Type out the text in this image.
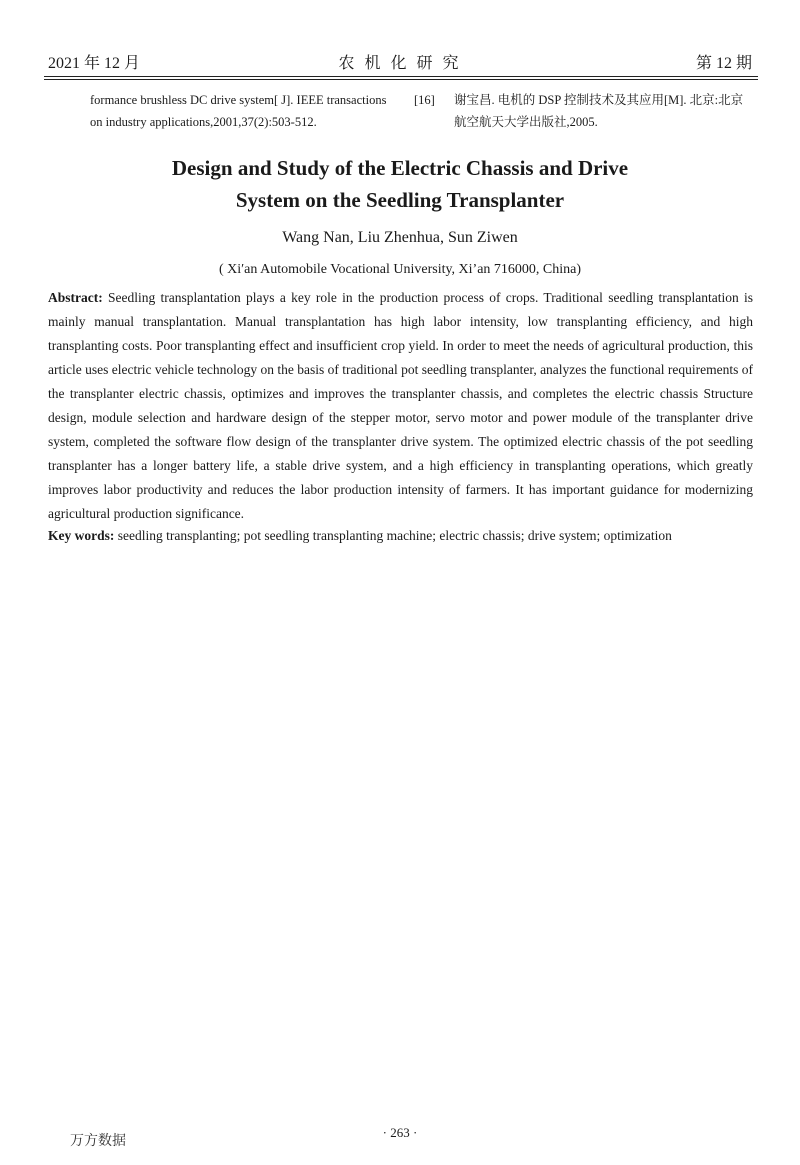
2021 年 12 月	农 机 化 研 究	第 12 期
formance brushless DC drive system[ J]. IEEE transactions
on industry applications,2001,37(2):503-512.
[16]	谢宝昌. 电机的 DSP 控制技术及其应用[M]. 北京:北京
航空航天大学出版社,2005.
Design and Study of the Electric Chassis and Drive
System on the Seedling Transplanter
Wang Nan, Liu Zhenhua, Sun Ziwen
( Xi′an Automobile Vocational University, Xi’an 716000, China)
Abstract: Seedling transplantation plays a key role in the production process of crops. Traditional seedling transplantation is mainly manual transplantation. Manual transplantation has high labor intensity, low transplanting efficiency, and high transplanting costs. Poor transplanting effect and insufficient crop yield. In order to meet the needs of agricultural production, this article uses electric vehicle technology on the basis of traditional pot seedling transplanter, analyzes the functional requirements of the transplanter electric chassis, optimizes and improves the transplanter chassis, and completes the electric chassis Structure design, module selection and hardware design of the stepper motor, servo motor and power module of the transplanter drive system, completed the software flow design of the transplanter drive system. The optimized electric chassis of the pot seedling transplanter has a longer battery life, a stable drive system, and a high efficiency in transplanting operations, which greatly improves labor productivity and reduces the labor production intensity of farmers. It has important guidance for modernizing agricultural production significance.
Key words: seedling transplanting; pot seedling transplanting machine; electric chassis; drive system; optimization
· 263 ·
万方数据
